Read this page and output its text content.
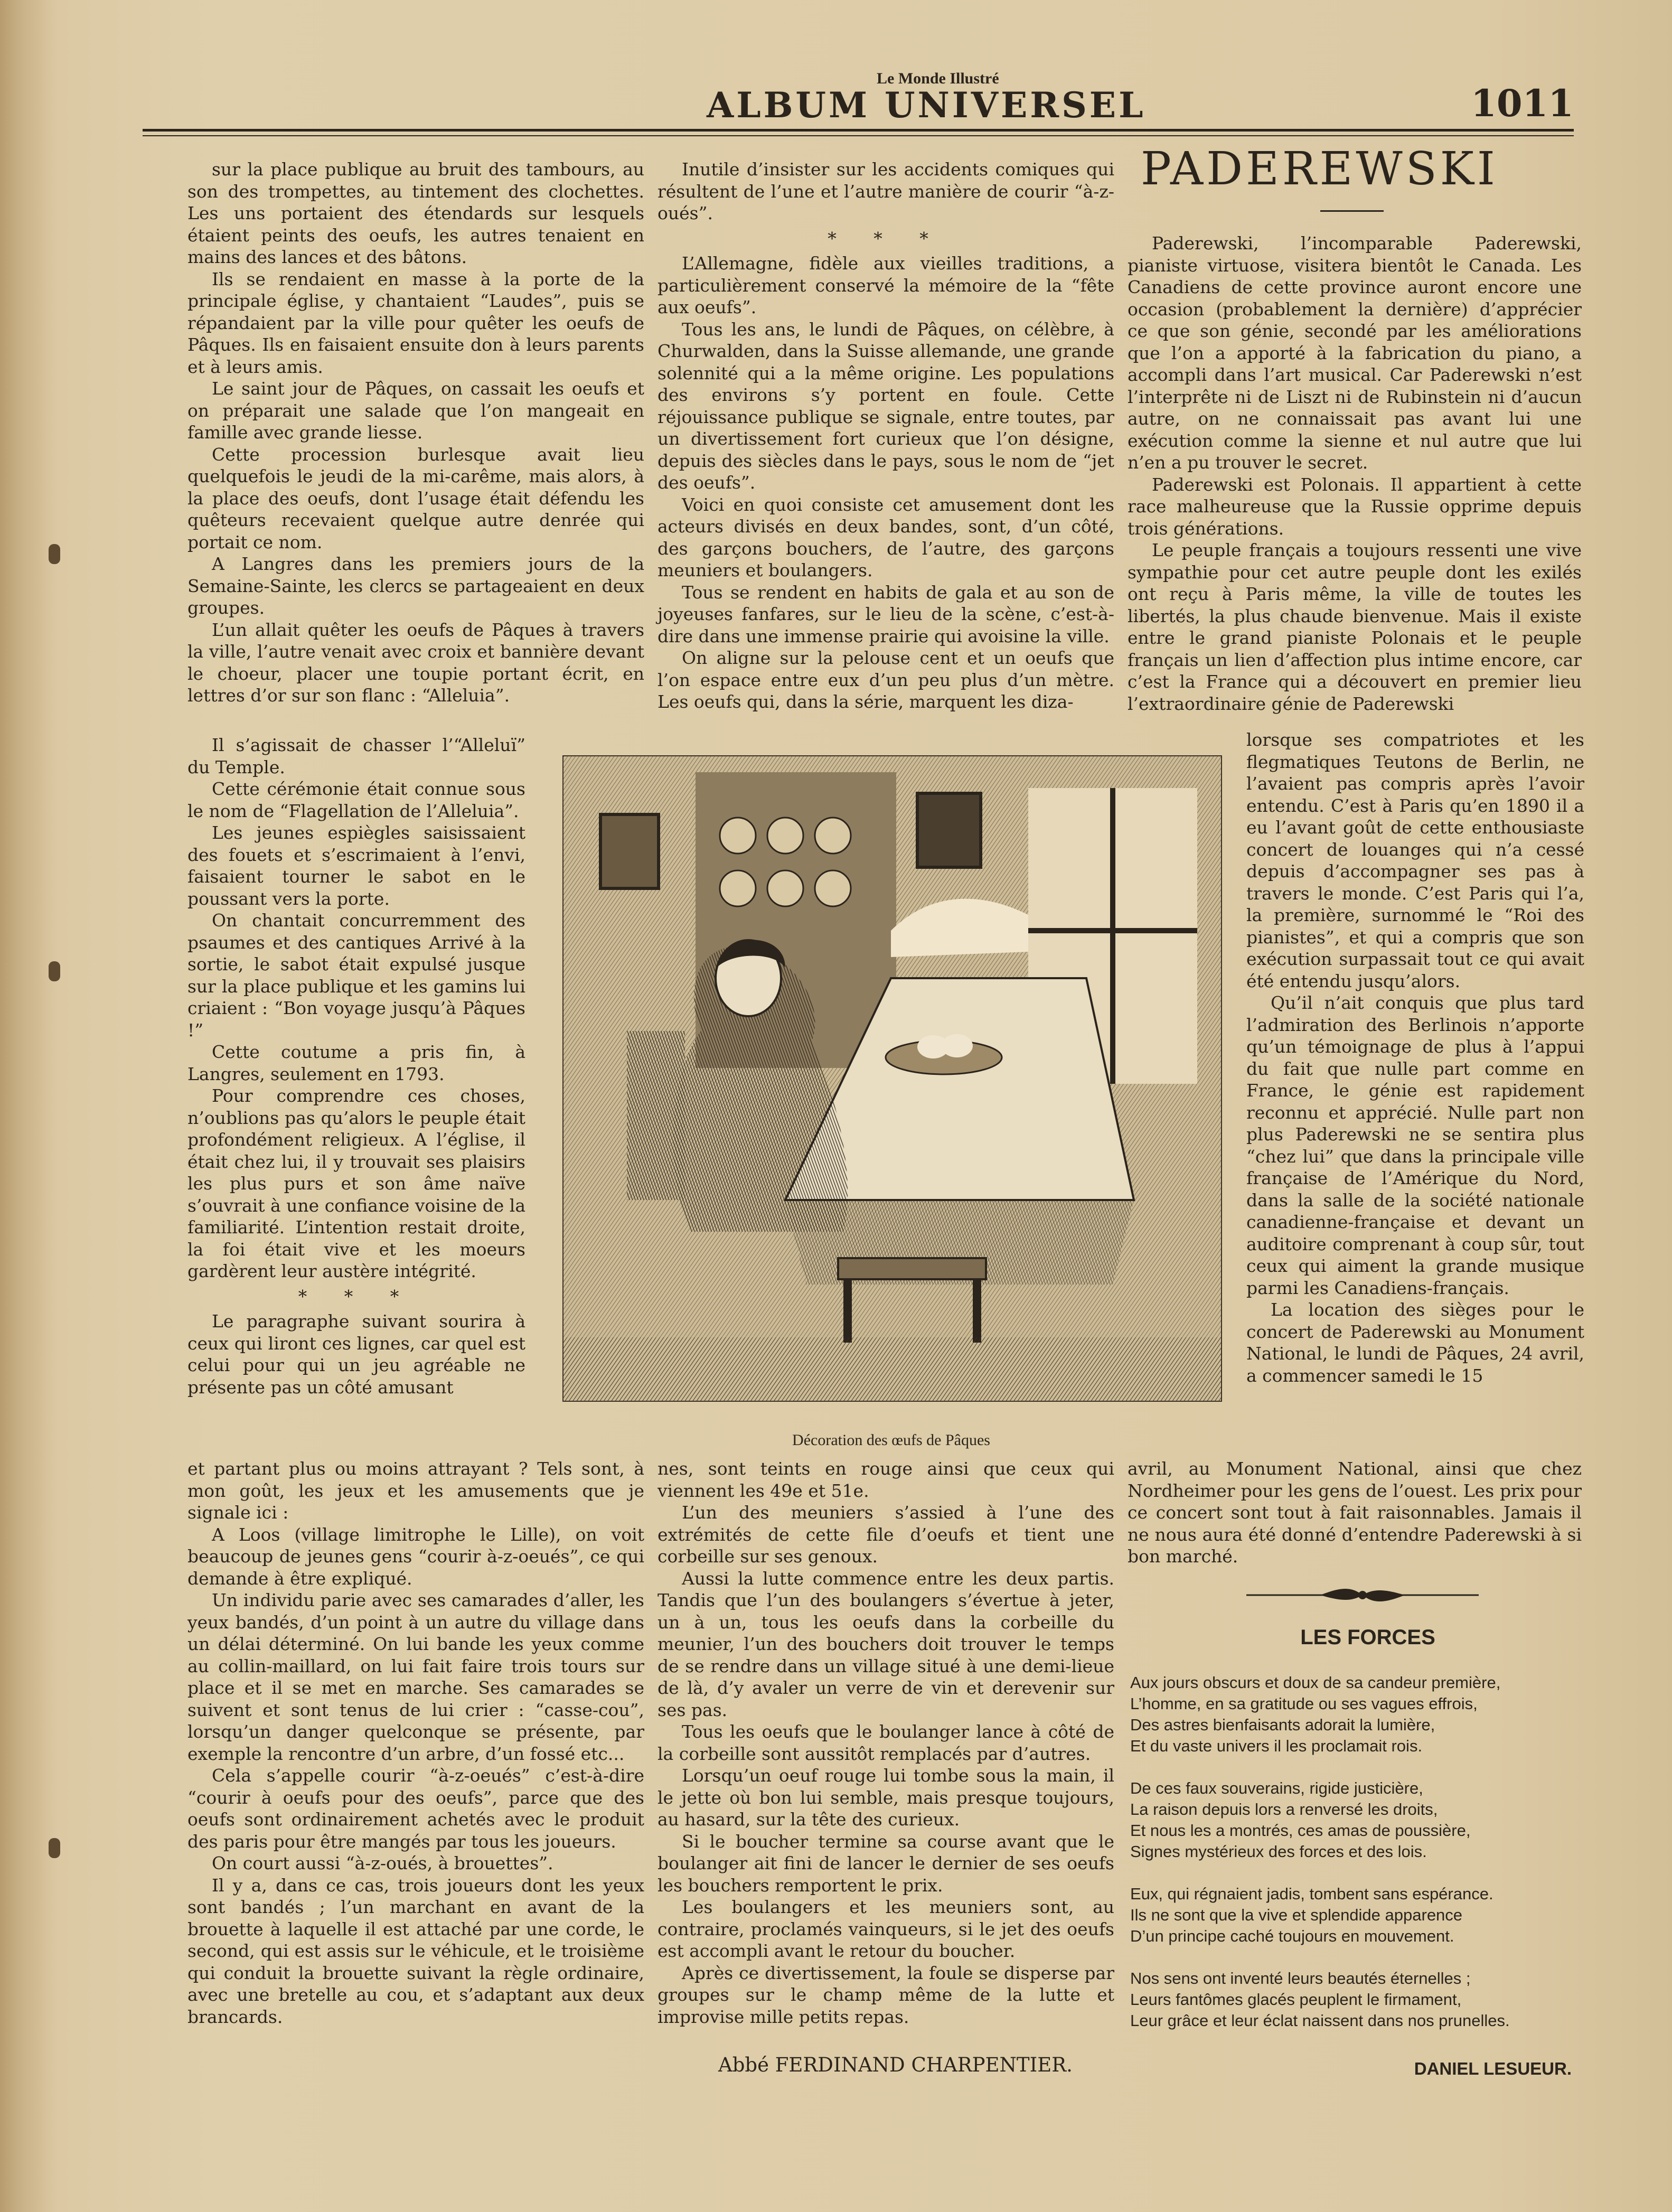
Le Monde Illustré
ALBUM UNIVERSEL	1011

sur la place publique au bruit des tambours, au son des trompettes, au tintement des clochettes. Les uns portaient des étendards sur lesquels étaient peints des oeufs, les autres tenaient en mains des lances et des bâtons.

Ils se rendaient en masse à la porte de la principale église, y chantaient “Laudes”, puis se répandaient par la ville pour quêter les oeufs de Pâques. Ils en faisaient ensuite don à leurs parents et à leurs amis.

Le saint jour de Pâques, on cassait les oeufs et on préparait une salade que l’on mangeait en famille avec grande liesse.

Cette procession burlesque avait lieu quelquefois le jeudi de la mi-carême, mais alors, à la place des oeufs, dont l’usage était défendu les quêteurs recevaient quelque autre denrée qui portait ce nom.

A Langres dans les premiers jours de la Semaine-Sainte, les clercs se partageaient en deux groupes.

L’un allait quêter les oeufs de Pâques à travers la ville, l’autre venait avec croix et bannière devant le choeur, placer une toupie portant écrit, en lettres d’or sur son flanc : “Alleluia”.

Il s’agissait de chasser l’“Alleluï” du Temple.

Cette cérémonie était connue sous le nom de “Flagellation de l’Alleluia”.

Les jeunes espiègles saisissaient des fouets et s’escrimaient à l’envi, faisaient tourner le sabot en le poussant vers la porte.

On chantait concurremment des psaumes et des cantiques Arrivé à la sortie, le sabot était expulsé jusque sur la place publique et les gamins lui criaient : “Bon voyage jusqu’à Pâques !”

Cette coutume a pris fin, à Langres, seulement en 1793.

Pour comprendre ces choses, n’oublions pas qu’alors le peuple était profondément religieux. A l’église, il était chez lui, il y trouvait ses plaisirs les plus purs et son âme naïve s’ouvrait à une confiance voisine de la familiarité. L’intention restait droite, la foi était vive et les moeurs gardèrent leur austère intégrité.

* * *

Le paragraphe suivant sourira à ceux qui liront ces lignes, car quel est celui pour qui un jeu agréable ne présente pas un côté amusant

et partant plus ou moins attrayant ? Tels sont, à mon goût, les jeux et les amusements que je signale ici :

A Loos (village limitrophe le Lille), on voit beaucoup de jeunes gens “courir à-z-oeués”, ce qui demande à être expliqué.

Un individu parie avec ses camarades d’aller, les yeux bandés, d’un point à un autre du village dans un délai déterminé. On lui bande les yeux comme au collin-maillard, on lui fait faire trois tours sur place et il se met en marche. Ses camarades se suivent et sont tenus de lui crier : “casse-cou”, lorsqu’un danger quelconque se présente, par exemple la rencontre d’un arbre, d’un fossé etc...

Cela s’appelle courir “à-z-oeués” c’est-à-dire “courir à oeufs pour des oeufs”, parce que des oeufs sont ordinairement achetés avec le produit des paris pour être mangés par tous les joueurs.

On court aussi “à-z-oués, à brouettes”.

Il y a, dans ce cas, trois joueurs dont les yeux sont bandés ; l’un marchant en avant de la brouette à laquelle il est attaché par une corde, le second, qui est assis sur le véhicule, et le troisième qui conduit la brouette suivant la règle ordinaire, avec une bretelle au cou, et s’adaptant aux deux brancards.

Inutile d’insister sur les accidents comiques qui résultent de l’une et l’autre manière de courir “à-z-oués”.

* * *

L’Allemagne, fidèle aux vieilles traditions, a particulièrement conservé la mémoire de la “fête aux oeufs”.

Tous les ans, le lundi de Pâques, on célèbre, à Churwalden, dans la Suisse allemande, une grande solennité qui a la même origine. Les populations des environs s’y portent en foule. Cette réjouissance publique se signale, entre toutes, par un divertissement fort curieux que l’on désigne, depuis des siècles dans le pays, sous le nom de “jet des oeufs”.

Voici en quoi consiste cet amusement dont les acteurs divisés en deux bandes, sont, d’un côté, des garçons bouchers, de l’autre, des garçons meuniers et boulangers.

Tous se rendent en habits de gala et au son de joyeuses fanfares, sur le lieu de la scène, c’est-à-dire dans une immense prairie qui avoisine la ville.

On aligne sur la pelouse cent et un oeufs que l’on espace entre eux d’un peu plus d’un mètre. Les oeufs qui, dans la série, marquent les diza-

nes, sont teints en rouge ainsi que ceux qui viennent les 49e et 51e.

L’un des meuniers s’assied à l’une des extrémités de cette file d’oeufs et tient une corbeille sur ses genoux.

Aussi la lutte commence entre les deux partis. Tandis que l’un des boulangers s’évertue à jeter, un à un, tous les oeufs dans la corbeille du meunier, l’un des bouchers doit trouver le temps de se rendre dans un village situé à une demi-lieue de là, d’y avaler un verre de vin et derevenir sur ses pas.

Tous les oeufs que le boulanger lance à côté de la corbeille sont aussitôt remplacés par d’autres.

Lorsqu’un oeuf rouge lui tombe sous la main, il le jette où bon lui semble, mais presque toujours, au hasard, sur la tête des curieux.

Si le boucher termine sa course avant que le boulanger ait fini de lancer le dernier de ses oeufs les bouchers remportent le prix.

Les boulangers et les meuniers sont, au contraire, proclamés vainqueurs, si le jet des oeufs est accompli avant le retour du boucher.

Après ce divertissement, la foule se disperse par groupes sur le champ même de la lutte et improvise mille petits repas.

Abbé FERDINAND CHARPENTIER.
Décoration des œufs de Pâques
PADEREWSKI

Paderewski, l’incomparable Paderewski, pianiste virtuose, visitera bientôt le Canada. Les Canadiens de cette province auront encore une occasion (probablement la dernière) d’apprécier ce que son génie, secondé par les améliorations que l’on a apporté à la fabrication du piano, a accompli dans l’art musical. Car Paderewski n’est l’interprête ni de Liszt ni de Rubinstein ni d’aucun autre, on ne connaissait pas avant lui une exécution comme la sienne et nul autre que lui n’en a pu trouver le secret.

Paderewski est Polonais. Il appartient à cette race malheureuse que la Russie opprime depuis trois générations.

Le peuple français a toujours ressenti une vive sympathie pour cet autre peuple dont les exilés ont reçu à Paris même, la ville de toutes les libertés, la plus chaude bienvenue. Mais il existe entre le grand pianiste Polonais et le peuple français un lien d’affection plus intime encore, car c’est la France qui a découvert en premier lieu l’extraordinaire génie de Paderewski

lorsque ses compatriotes et les flegmatiques Teutons de Berlin, ne l’avaient pas compris après l’avoir entendu. C’est à Paris qu’en 1890 il a eu l’avant goût de cette enthousiaste concert de louanges qui n’a cessé depuis d’accompagner ses pas à travers le monde. C’est Paris qui l’a, la première, surnommé le “Roi des pianistes”, et qui a compris que son exécution surpassait tout ce qui avait été entendu jusqu’alors.

Qu’il n’ait conquis que plus tard l’admiration des Berlinois n’apporte qu’un témoignage de plus à l’appui du fait que nulle part comme en France, le génie est rapidement reconnu et apprécié. Nulle part non plus Paderewski ne se sentira plus “chez lui” que dans la principale ville française de l’Amérique du Nord, dans la salle de la société nationale canadienne-française et devant un auditoire comprenant à coup sûr, tout ceux qui aiment la grande musique parmi les Canadiens-français.

La location des sièges pour le concert de Paderewski au Monument National, le lundi de Pâques, 24 avril, a commencer samedi le 15

avril, au Monument National, ainsi que chez Nordheimer pour les gens de l’ouest. Les prix pour ce concert sont tout à fait raisonnables. Jamais il ne nous aura été donné d’entendre Paderewski à si bon marché.

LES FORCES
Aux jours obscurs et doux de sa candeur première,
L’homme, en sa gratitude ou ses vagues effrois,
Des astres bienfaisants adorait la lumière,
Et du vaste univers il les proclamait rois.
De ces faux souverains, rigide justicière,
La raison depuis lors a renversé les droits,
Et nous les a montrés, ces amas de poussière,
Signes mystérieux des forces et des lois.
Eux, qui régnaient jadis, tombent sans espérance.
Ils ne sont que la vive et splendide apparence
D’un principe caché toujours en mouvement.
Nos sens ont inventé leurs beautés éternelles ;
Leurs fantômes glacés peuplent le firmament,
Leur grâce et leur éclat naissent dans nos prunelles.
DANIEL LESUEUR.
